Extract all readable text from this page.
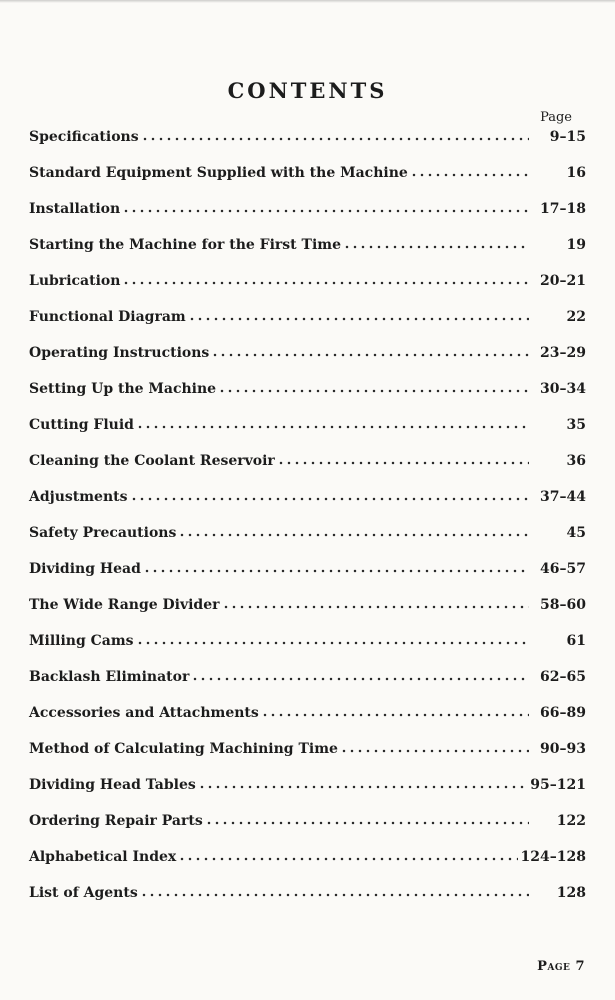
CONTENTS
Page
Specifications	9–15
Standard Equipment Supplied with the Machine	16
Installation	17–18
Starting the Machine for the First Time	19
Lubrication	20–21
Functional Diagram	22
Operating Instructions	23–29
Setting Up the Machine	30–34
Cutting Fluid	35
Cleaning the Coolant Reservoir	36
Adjustments	37–44
Safety Precautions	45
Dividing Head	46–57
The Wide Range Divider	58–60
Milling Cams	61
Backlash Eliminator	62–65
Accessories and Attachments	66–89
Method of Calculating Machining Time	90–93
Dividing Head Tables	95–121
Ordering Repair Parts	122
Alphabetical Index	124–128
List of Agents	128
Page 7
